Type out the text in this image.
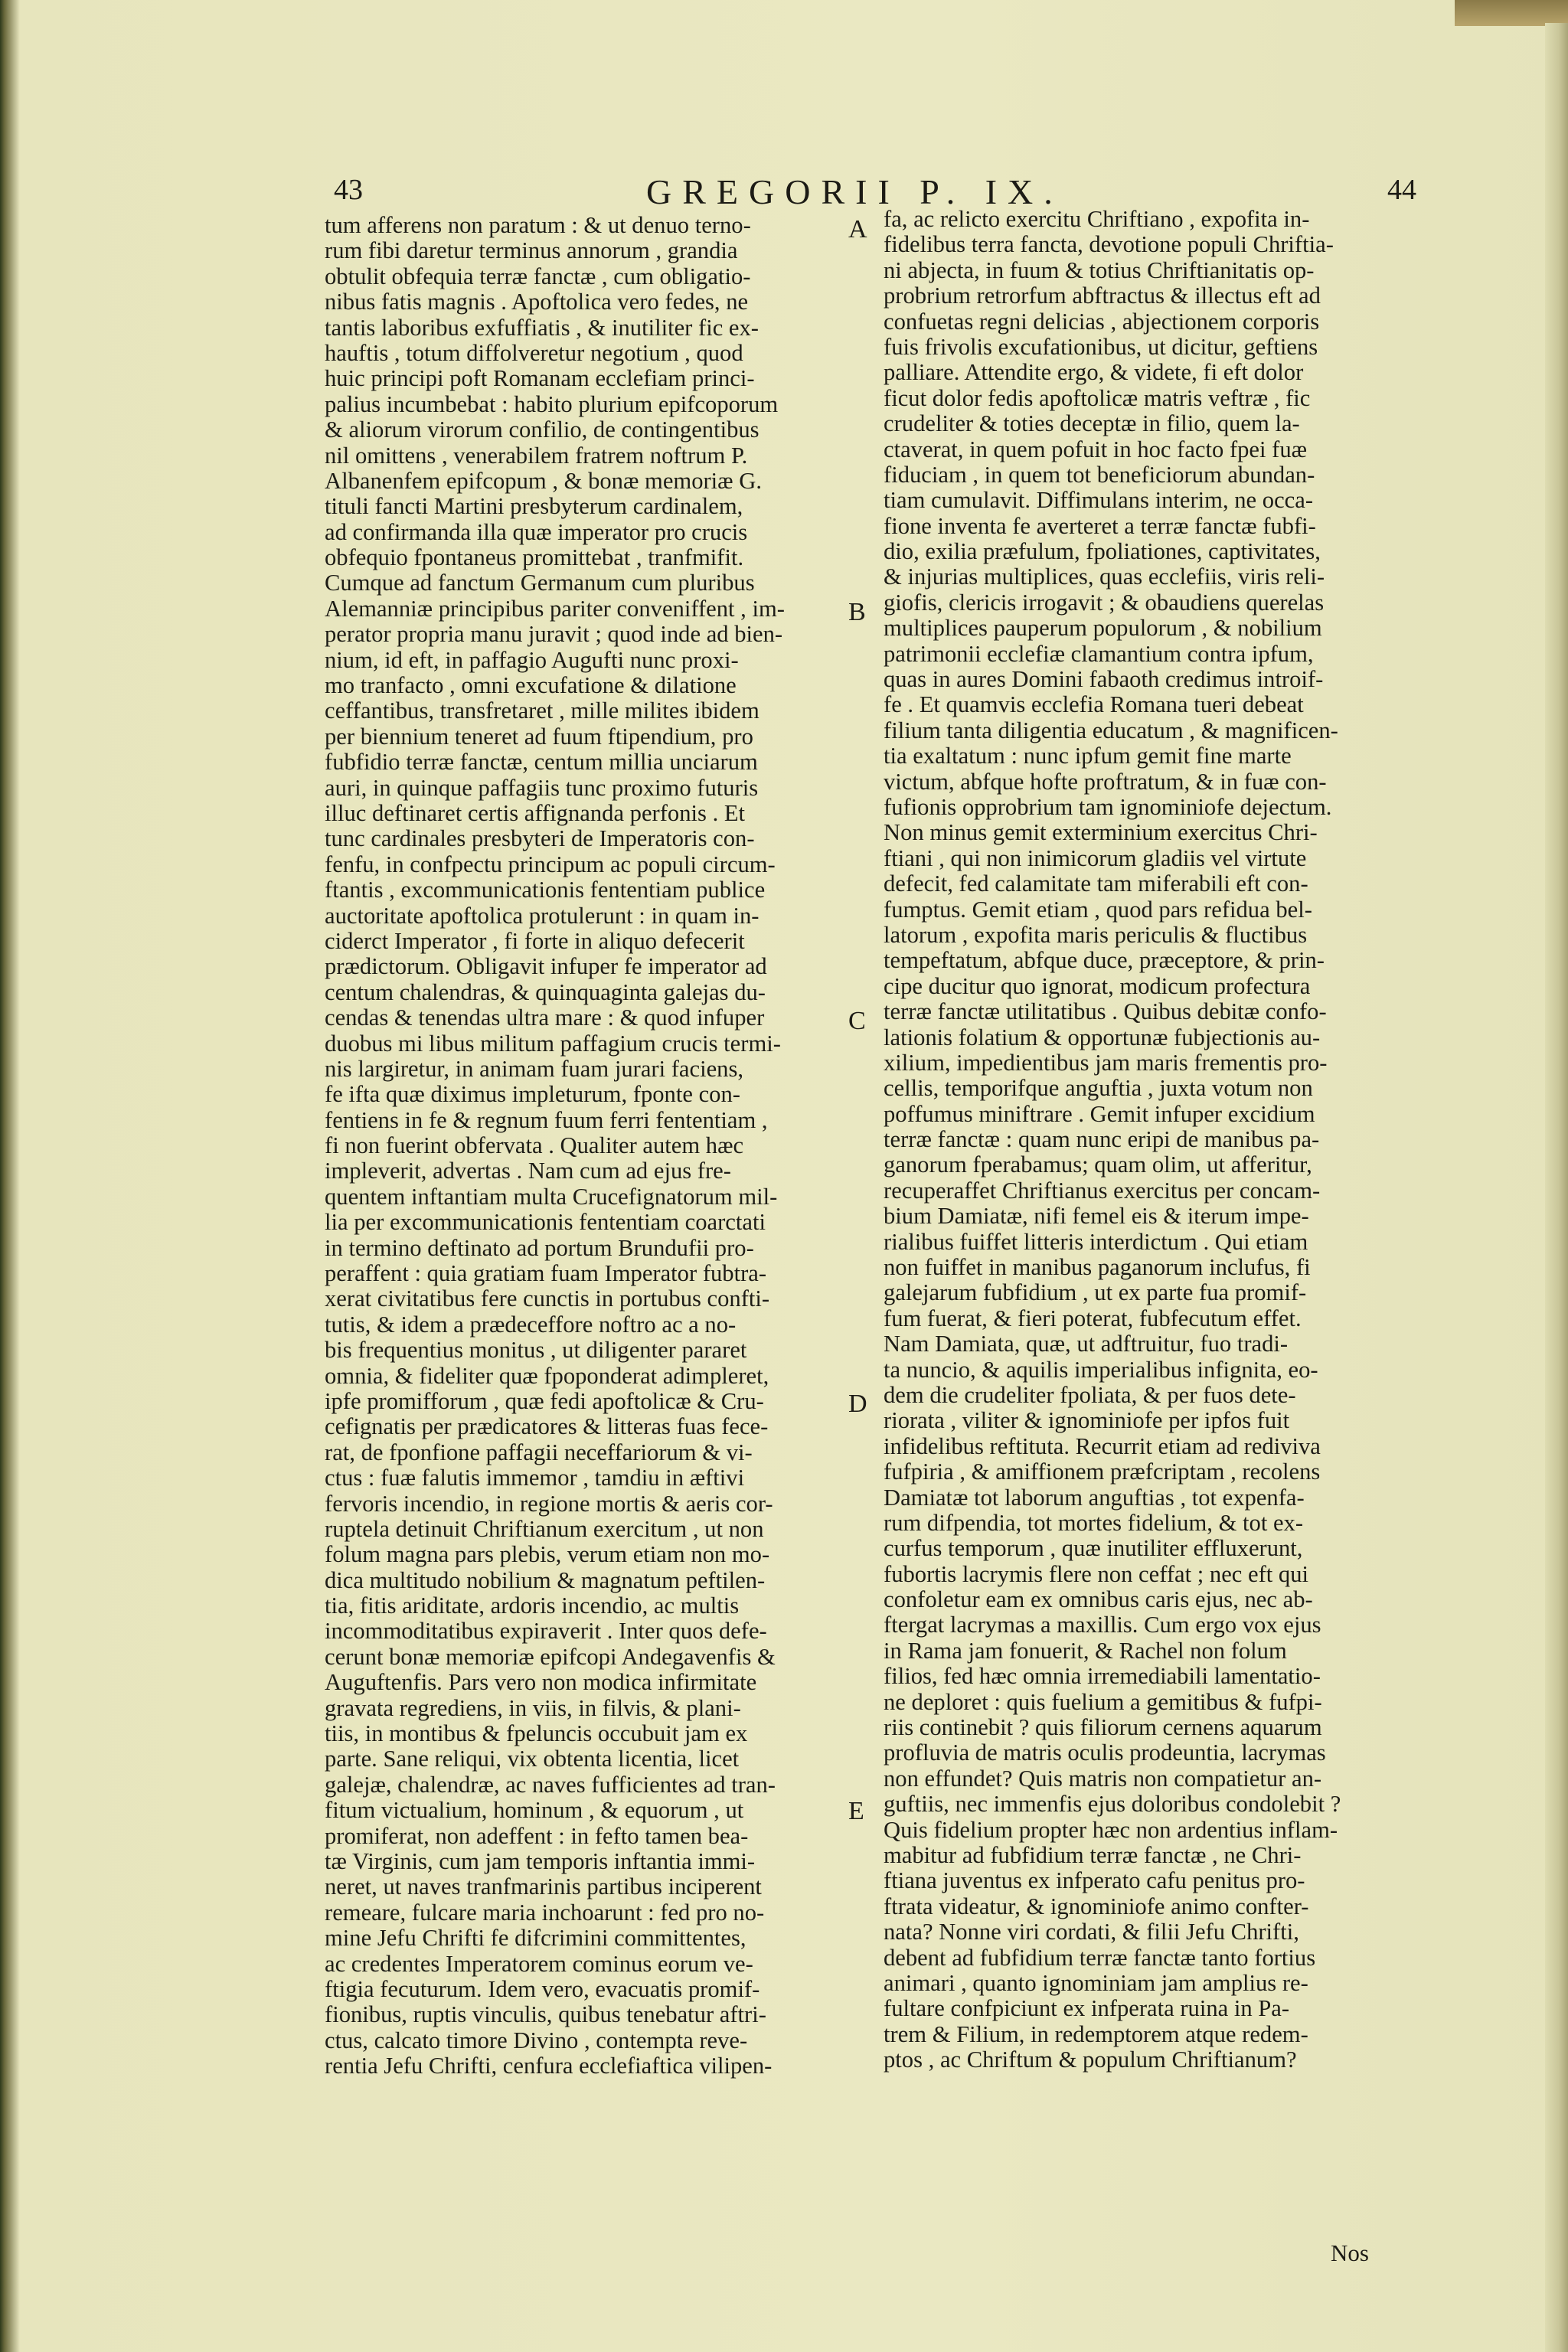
43	GREGORII P. IX.	44
tum afferens non paratum : & ut denuo terno-
rum fibi daretur terminus annorum , grandia
obtulit obfequia terræ fanctæ , cum obligatio-
nibus fatis magnis . Apoftolica vero fedes, ne
tantis laboribus exfuffiatis , & inutiliter fic ex-
hauftis , totum diffolveretur negotium , quod
huic principi poft Romanam ecclefiam princi-
palius incumbebat : habito plurium epifcoporum
& aliorum virorum confilio, de contingentibus
nil omittens , venerabilem fratrem noftrum P.
Albanenfem epifcopum , & bonæ memoriæ G.
tituli fancti Martini presbyterum cardinalem,
ad confirmanda illa quæ imperator pro crucis
obfequio fpontaneus promittebat , tranfmifit.
Cumque ad fanctum Germanum cum pluribus
Alemanniæ principibus pariter conveniffent , im-
perator propria manu juravit ; quod inde ad bien-
nium, id eft, in paffagio Augufti nunc proxi-
mo tranfacto , omni excufatione & dilatione
ceffantibus, transfretaret , mille milites ibidem
per biennium teneret ad fuum ftipendium, pro
fubfidio terræ fanctæ, centum millia unciarum
auri, in quinque paffagiis tunc proximo futuris
illuc deftinaret certis affignanda perfonis . Et
tunc cardinales presbyteri de Imperatoris con-
fenfu, in confpectu principum ac populi circum-
ftantis , excommunicationis fententiam publice
auctoritate apoftolica protulerunt : in quam in-
ciderct Imperator , fi forte in aliquo defecerit
prædictorum. Obligavit infuper fe imperator ad
centum chalendras, & quinquaginta galejas du-
cendas & tenendas ultra mare : & quod infuper
duobus mi libus militum paffagium crucis termi-
nis largiretur, in animam fuam jurari faciens,
fe ifta quæ diximus impleturum, fponte con-
fentiens in fe & regnum fuum ferri fententiam ,
fi non fuerint obfervata . Qualiter autem hæc
impleverit, advertas . Nam cum ad ejus fre-
quentem inftantiam multa Crucefignatorum mil-
lia per excommunicationis fententiam coarctati
in termino deftinato ad portum Brundufii pro-
peraffent : quia gratiam fuam Imperator fubtra-
xerat civitatibus fere cunctis in portubus confti-
tutis, & idem a prædeceffore noftro ac a no-
bis frequentius monitus , ut diligenter pararet
omnia, & fideliter quæ fpoponderat adimpleret,
ipfe promifforum , quæ fedi apoftolicæ & Cru-
cefignatis per prædicatores & litteras fuas fece-
rat, de fponfione paffagii neceffariorum & vi-
ctus : fuæ falutis immemor , tamdiu in æftivi
fervoris incendio, in regione mortis & aeris cor-
ruptela detinuit Chriftianum exercitum , ut non
folum magna pars plebis, verum etiam non mo-
dica multitudo nobilium & magnatum peftilen-
tia, fitis ariditate, ardoris incendio, ac multis
incommoditatibus expiraverit . Inter quos defe-
cerunt bonæ memoriæ epifcopi Andegavenfis &
Auguftenfis. Pars vero non modica infirmitate
gravata regrediens, in viis, in filvis, & plani-
tiis, in montibus & fpeluncis occubuit jam ex
parte. Sane reliqui, vix obtenta licentia, licet
galejæ, chalendræ, ac naves fufficientes ad tran-
fitum victualium, hominum , & equorum , ut
promiferat, non adeffent : in fefto tamen bea-
tæ Virginis, cum jam temporis inftantia immi-
neret, ut naves tranfmarinis partibus inciperent
remeare, fulcare maria inchoarunt : fed pro no-
mine Jefu Chrifti fe difcrimini committentes,
ac credentes Imperatorem cominus eorum ve-
ftigia fecuturum. Idem vero, evacuatis promif-
fionibus, ruptis vinculis, quibus tenebatur aftri-
ctus, calcato timore Divino , contempta reve-
rentia Jefu Chrifti, cenfura ecclefiaftica vilipen-
A
B
C
D
E
fa, ac relicto exercitu Chriftiano , expofita in-
fidelibus terra fancta, devotione populi Chriftia-
ni abjecta, in fuum & totius Chriftianitatis op-
probrium retrorfum abftractus & illectus eft ad
confuetas regni delicias , abjectionem corporis
fuis frivolis excufationibus, ut dicitur, geftiens
palliare. Attendite ergo, & videte, fi eft dolor
ficut dolor fedis apoftolicæ matris veftræ , fic
crudeliter & toties deceptæ in filio, quem la-
ctaverat, in quem pofuit in hoc facto fpei fuæ
fiduciam , in quem tot beneficiorum abundan-
tiam cumulavit. Diffimulans interim, ne occa-
fione inventa fe averteret a terræ fanctæ fubfi-
dio, exilia præfulum, fpoliationes, captivitates,
& injurias multiplices, quas ecclefiis, viris reli-
giofis, clericis irrogavit ; & obaudiens querelas
multiplices pauperum populorum , & nobilium
patrimonii ecclefiæ clamantium contra ipfum,
quas in aures Domini fabaoth credimus introif-
fe . Et quamvis ecclefia Romana tueri debeat
filium tanta diligentia educatum , & magnificen-
tia exaltatum : nunc ipfum gemit fine marte
victum, abfque hofte proftratum, & in fuæ con-
fufionis opprobrium tam ignominiofe dejectum.
Non minus gemit exterminium exercitus Chri-
ftiani , qui non inimicorum gladiis vel virtute
defecit, fed calamitate tam miferabili eft con-
fumptus. Gemit etiam , quod pars refidua bel-
latorum , expofita maris periculis & fluctibus
tempeftatum, abfque duce, præceptore, & prin-
cipe ducitur quo ignorat, modicum profectura
terræ fanctæ utilitatibus . Quibus debitæ confo-
lationis folatium & opportunæ fubjectionis au-
xilium, impedientibus jam maris frementis pro-
cellis, temporifque anguftia , juxta votum non
poffumus miniftrare . Gemit infuper excidium
terræ fanctæ : quam nunc eripi de manibus pa-
ganorum fperabamus; quam olim, ut afferitur,
recuperaffet Chriftianus exercitus per concam-
bium Damiatæ, nifi femel eis & iterum impe-
rialibus fuiffet litteris interdictum . Qui etiam
non fuiffet in manibus paganorum inclufus, fi
galejarum fubfidium , ut ex parte fua promif-
fum fuerat, & fieri poterat, fubfecutum effet.
Nam Damiata, quæ, ut adftruitur, fuo tradi-
ta nuncio, & aquilis imperialibus infignita, eo-
dem die crudeliter fpoliata, & per fuos dete-
riorata , viliter & ignominiofe per ipfos fuit
infidelibus reftituta. Recurrit etiam ad rediviva
fufpiria , & amiffionem præfcriptam , recolens
Damiatæ tot laborum anguftias , tot expenfa-
rum difpendia, tot mortes fidelium, & tot ex-
curfus temporum , quæ inutiliter effluxerunt,
fubortis lacrymis flere non ceffat ; nec eft qui
confoletur eam ex omnibus caris ejus, nec ab-
ftergat lacrymas a maxillis. Cum ergo vox ejus
in Rama jam fonuerit, & Rachel non folum
filios, fed hæc omnia irremediabili lamentatio-
ne deploret : quis fuelium a gemitibus & fufpi-
riis continebit ? quis filiorum cernens aquarum
profluvia de matris oculis prodeuntia, lacrymas
non effundet? Quis matris non compatietur an-
guftiis, nec immenfis ejus doloribus condolebit ?
Quis fidelium propter hæc non ardentius inflam-
mabitur ad fubfidium terræ fanctæ , ne Chri-
ftiana juventus ex infperato cafu penitus pro-
ftrata videatur, & ignominiofe animo confter-
nata? Nonne viri cordati, & filii Jefu Chrifti,
debent ad fubfidium terræ fanctæ tanto fortius
animari , quanto ignominiam jam amplius re-
fultare confpiciunt ex infperata ruina in Pa-
trem & Filium, in redemptorem atque redem-
ptos , ac Chriftum & populum Chriftianum?
Nos
